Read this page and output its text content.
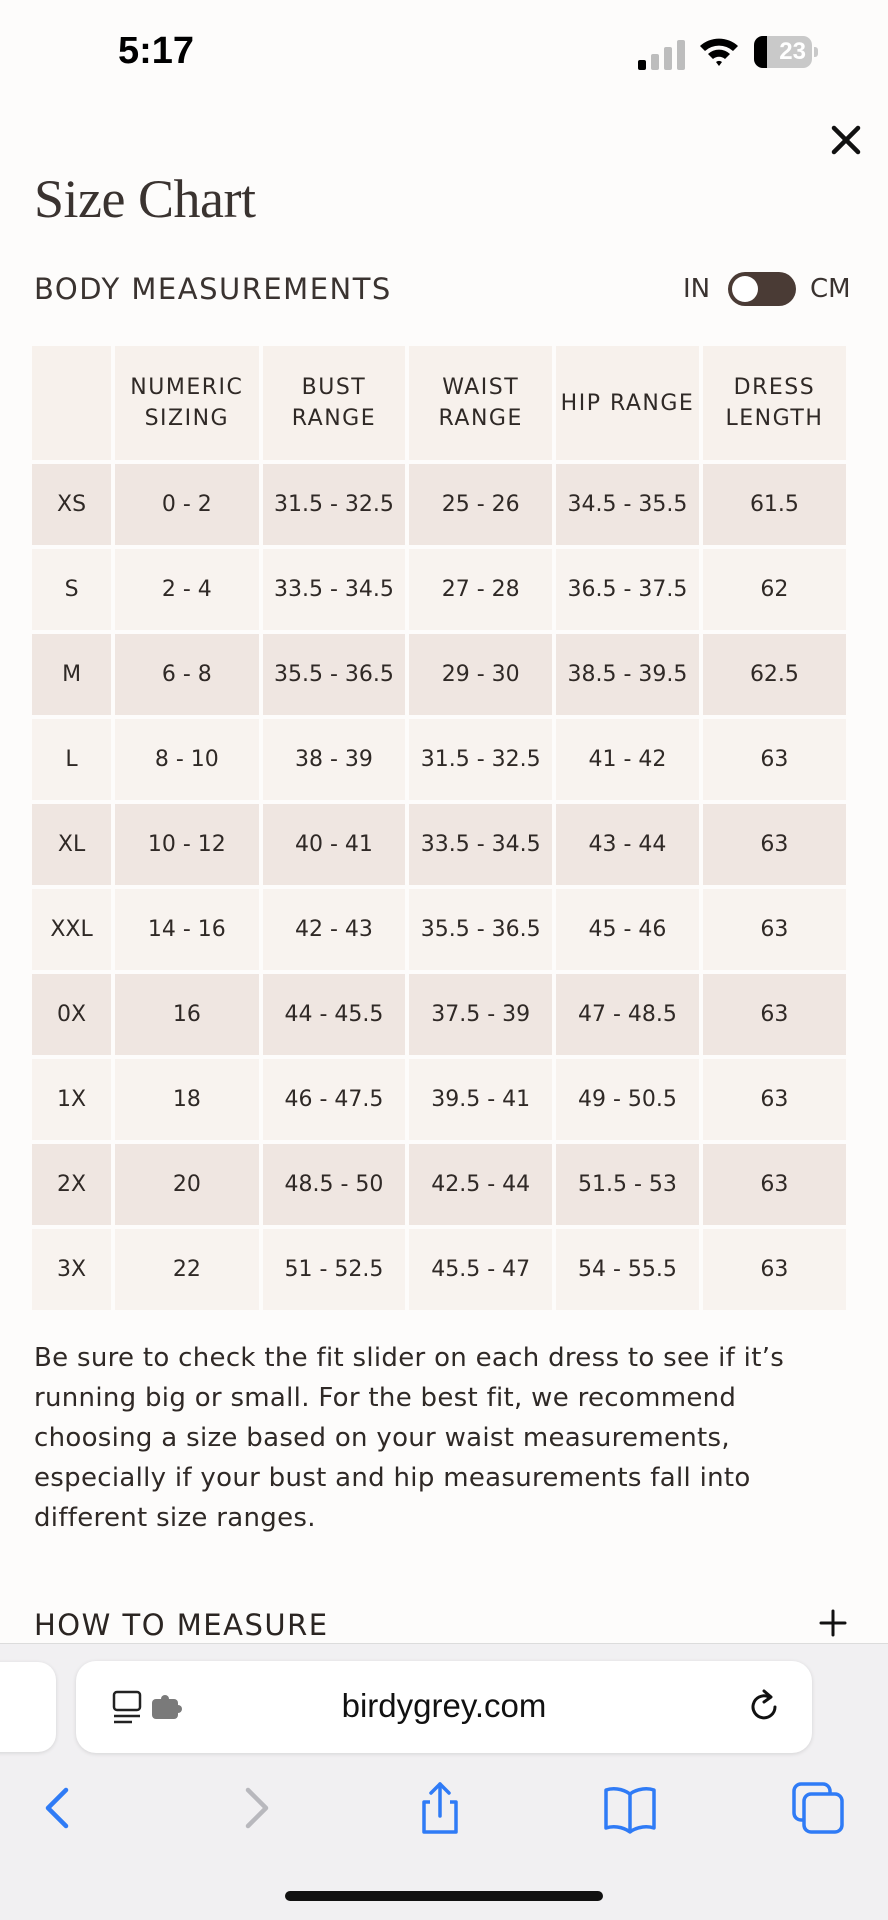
5:17	23
Size Chart
BODY MEASUREMENTS	IN	CM
	NUMERIC SIZING	BUST RANGE	WAIST RANGE	HIP RANGE	DRESS LENGTH
XS	0 - 2	31.5 - 32.5	25 - 26	34.5 - 35.5	61.5
S	2 - 4	33.5 - 34.5	27 - 28	36.5 - 37.5	62
M	6 - 8	35.5 - 36.5	29 - 30	38.5 - 39.5	62.5
L	8 - 10	38 - 39	31.5 - 32.5	41 - 42	63
XL	10 - 12	40 - 41	33.5 - 34.5	43 - 44	63
XXL	14 - 16	42 - 43	35.5 - 36.5	45 - 46	63
0X	16	44 - 45.5	37.5 - 39	47 - 48.5	63
1X	18	46 - 47.5	39.5 - 41	49 - 50.5	63
2X	20	48.5 - 50	42.5 - 44	51.5 - 53	63
3X	22	51 - 52.5	45.5 - 47	54 - 55.5	63
Be sure to check the fit slider on each dress to see if it’s running big or small. For the best fit, we recommend choosing a size based on your waist measurements, especially if your bust and hip measurements fall into different size ranges.
HOW TO MEASURE
birdygrey.com
